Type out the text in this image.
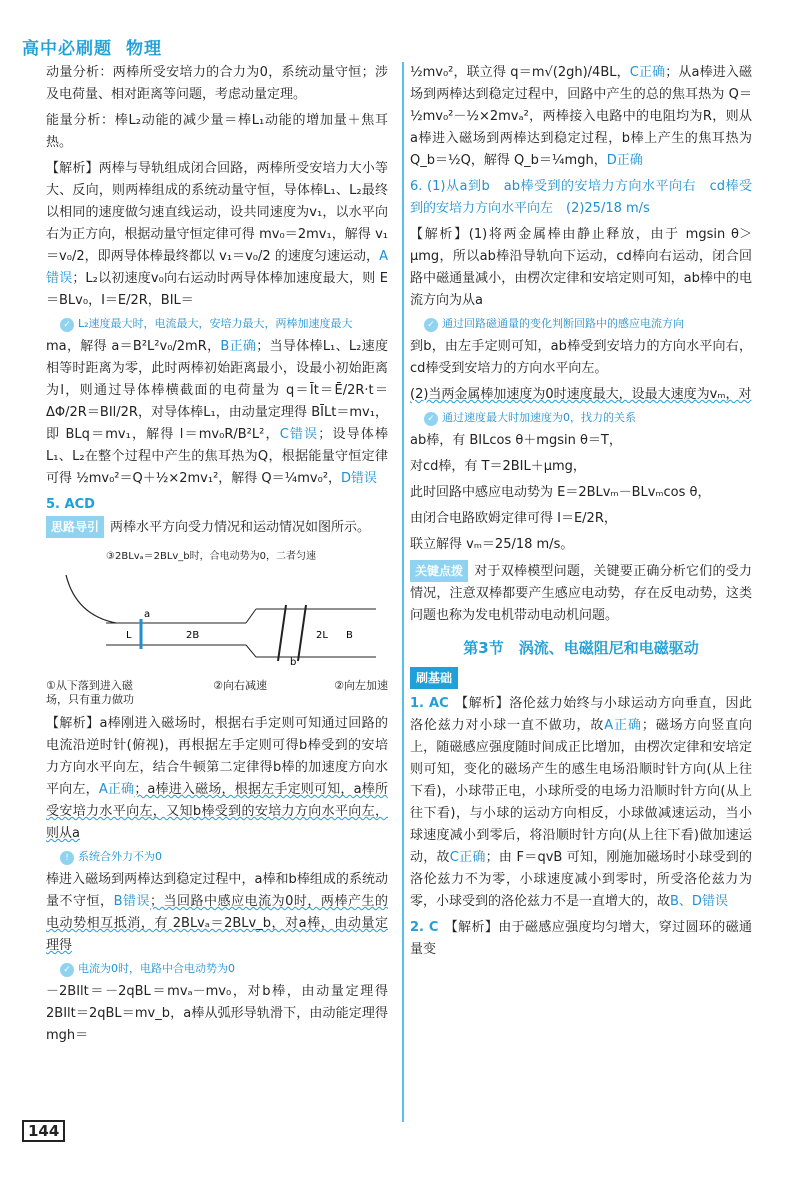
高中必刷题 物理

动量分析：两棒所受安培力的合力为0，系统动量守恒；涉及电荷量、相对距离等问题，考虑动量定理。

能量分析：棒L₂动能的减少量＝棒L₁动能的增加量＋焦耳热。

【解析】两棒与导轨组成闭合回路，两棒所受安培力大小等大、反向，则两棒组成的系统动量守恒，导体棒L₁、L₂最终以相同的速度做匀速直线运动，设共同速度为v₁，以水平向右为正方向，根据动量守恒定律可得 mv₀＝2mv₁，解得 v₁＝v₀/2，即两导体棒最终都以 v₁＝v₀/2 的速度匀速运动，A错误；L₂以初速度v₀向右运动时两导体棒加速度最大，则 E＝BLv₀，I＝E/2R，BIL＝

✓ L₂速度最大时，电流最大，安培力最大，两棒加速度最大

ma，解得 a＝B²L²v₀/2mR，B正确；当导体棒L₁、L₂速度相等时距离为零，此时两棒初始距离最小，设最小初始距离为l，则通过导体棒横截面的电荷量为 q＝Īt＝Ē/2R·t＝ΔΦ/2R＝BIl/2R，对导体棒L₁，由动量定理得 BĪLt＝mv₁，即 BLq＝mv₁，解得 l＝mv₀R/B²L²，C错误；设导体棒L₁、L₂在整个过程中产生的焦耳热为Q，根据能量守恒定律可得 ½mv₀²＝Q＋½×2mv₁²，解得 Q＝¼mv₀²，D错误

5. ACD

思路导引 两棒水平方向受力情况和运动情况如图所示。

③2BLvₐ＝2BLv_b时，合电动势为0，二者匀速
a
b
2B	B
L	2L
①从下落到进入磁场，只有重力做功
②向右减速	②向左加速

【解析】a棒刚进入磁场时，根据右手定则可知通过回路的电流沿逆时针(俯视)，再根据左手定则可得b棒受到的安培力方向水平向左，结合牛顿第二定律得b棒的加速度方向水平向左，A正确；a棒进入磁场，根据左手定则可知，a棒所受安培力水平向左，又知b棒受到的安培力方向水平向左，则从a

! 系统合外力不为0

棒进入磁场到两棒达到稳定过程中，a棒和b棒组成的系统动量不守恒，B错误；当回路中感应电流为0时，两棒产生的电动势相互抵消，有 2BLvₐ＝2BLv_b，对a棒，由动量定理得

✓ 电流为0时，电路中合电动势为0

－2BIlt＝－2qBL＝mvₐ－mv₀，对b棒，由动量定理得 2BIlt＝2qBL＝mv_b，a棒从弧形导轨滑下，由动能定理得 mgh＝

½mv₀²，联立得 q＝m√(2gh)/4BL，C正确；从a棒进入磁场到两棒达到稳定过程中，回路中产生的总的焦耳热为 Q＝½mv₀²－½×2mvₐ²，两棒接入电路中的电阻均为R，则从a棒进入磁场到两棒达到稳定过程，b棒上产生的焦耳热为 Q_b＝½Q，解得 Q_b＝¼mgh，D正确

6. (1)从a到b　ab棒受到的安培力方向水平向右　cd棒受到的安培力方向水平向左　(2)25/18 m/s

【解析】(1)将两金属棒由静止释放，由于 mgsin θ＞μmg，所以ab棒沿导轨向下运动，cd棒向右运动，闭合回路中磁通量减小，由楞次定律和安培定则可知，ab棒中的电流方向为从a

✓ 通过回路磁通量的变化判断回路中的感应电流方向

到b，由左手定则可知，ab棒受到安培力的方向水平向右，cd棒受到安培力的方向水平向左。

(2)当两金属棒加速度为0时速度最大，设最大速度为vₘ，对

✓ 通过速度最大时加速度为0，找力的关系

ab棒，有 BILcos θ＋mgsin θ＝T，

对cd棒，有 T＝2BIL＋μmg，

此时回路中感应电动势为 E＝2BLvₘ－BLvₘcos θ，

由闭合电路欧姆定律可得 I＝E/2R，

联立解得 vₘ＝25/18 m/s。

关键点拨 对于双棒模型问题，关键要正确分析它们的受力情况，注意双棒都要产生感应电动势，存在反电动势，这类问题也称为发电机带动电动机问题。

第3节　涡流、电磁阻尼和电磁驱动
刷基础

1. AC 【解析】洛伦兹力始终与小球运动方向垂直，因此洛伦兹力对小球一直不做功，故A正确；磁场方向竖直向上，随磁感应强度随时间成正比增加，由楞次定律和安培定则可知，变化的磁场产生的感生电场沿顺时针方向(从上往下看)，小球带正电，小球所受的电场力沿顺时针方向(从上往下看)，与小球的运动方向相反，小球做减速运动，当小球速度减小到零后，将沿顺时针方向(从上往下看)做加速运动，故C正确；由 F＝qvB 可知，刚施加磁场时小球受到的洛伦兹力不为零，小球速度减小到零时，所受洛伦兹力为零，小球受到的洛伦兹力不是一直增大的，故B、D错误

2. C 【解析】由于磁感应强度均匀增大，穿过圆环的磁通量变

144
